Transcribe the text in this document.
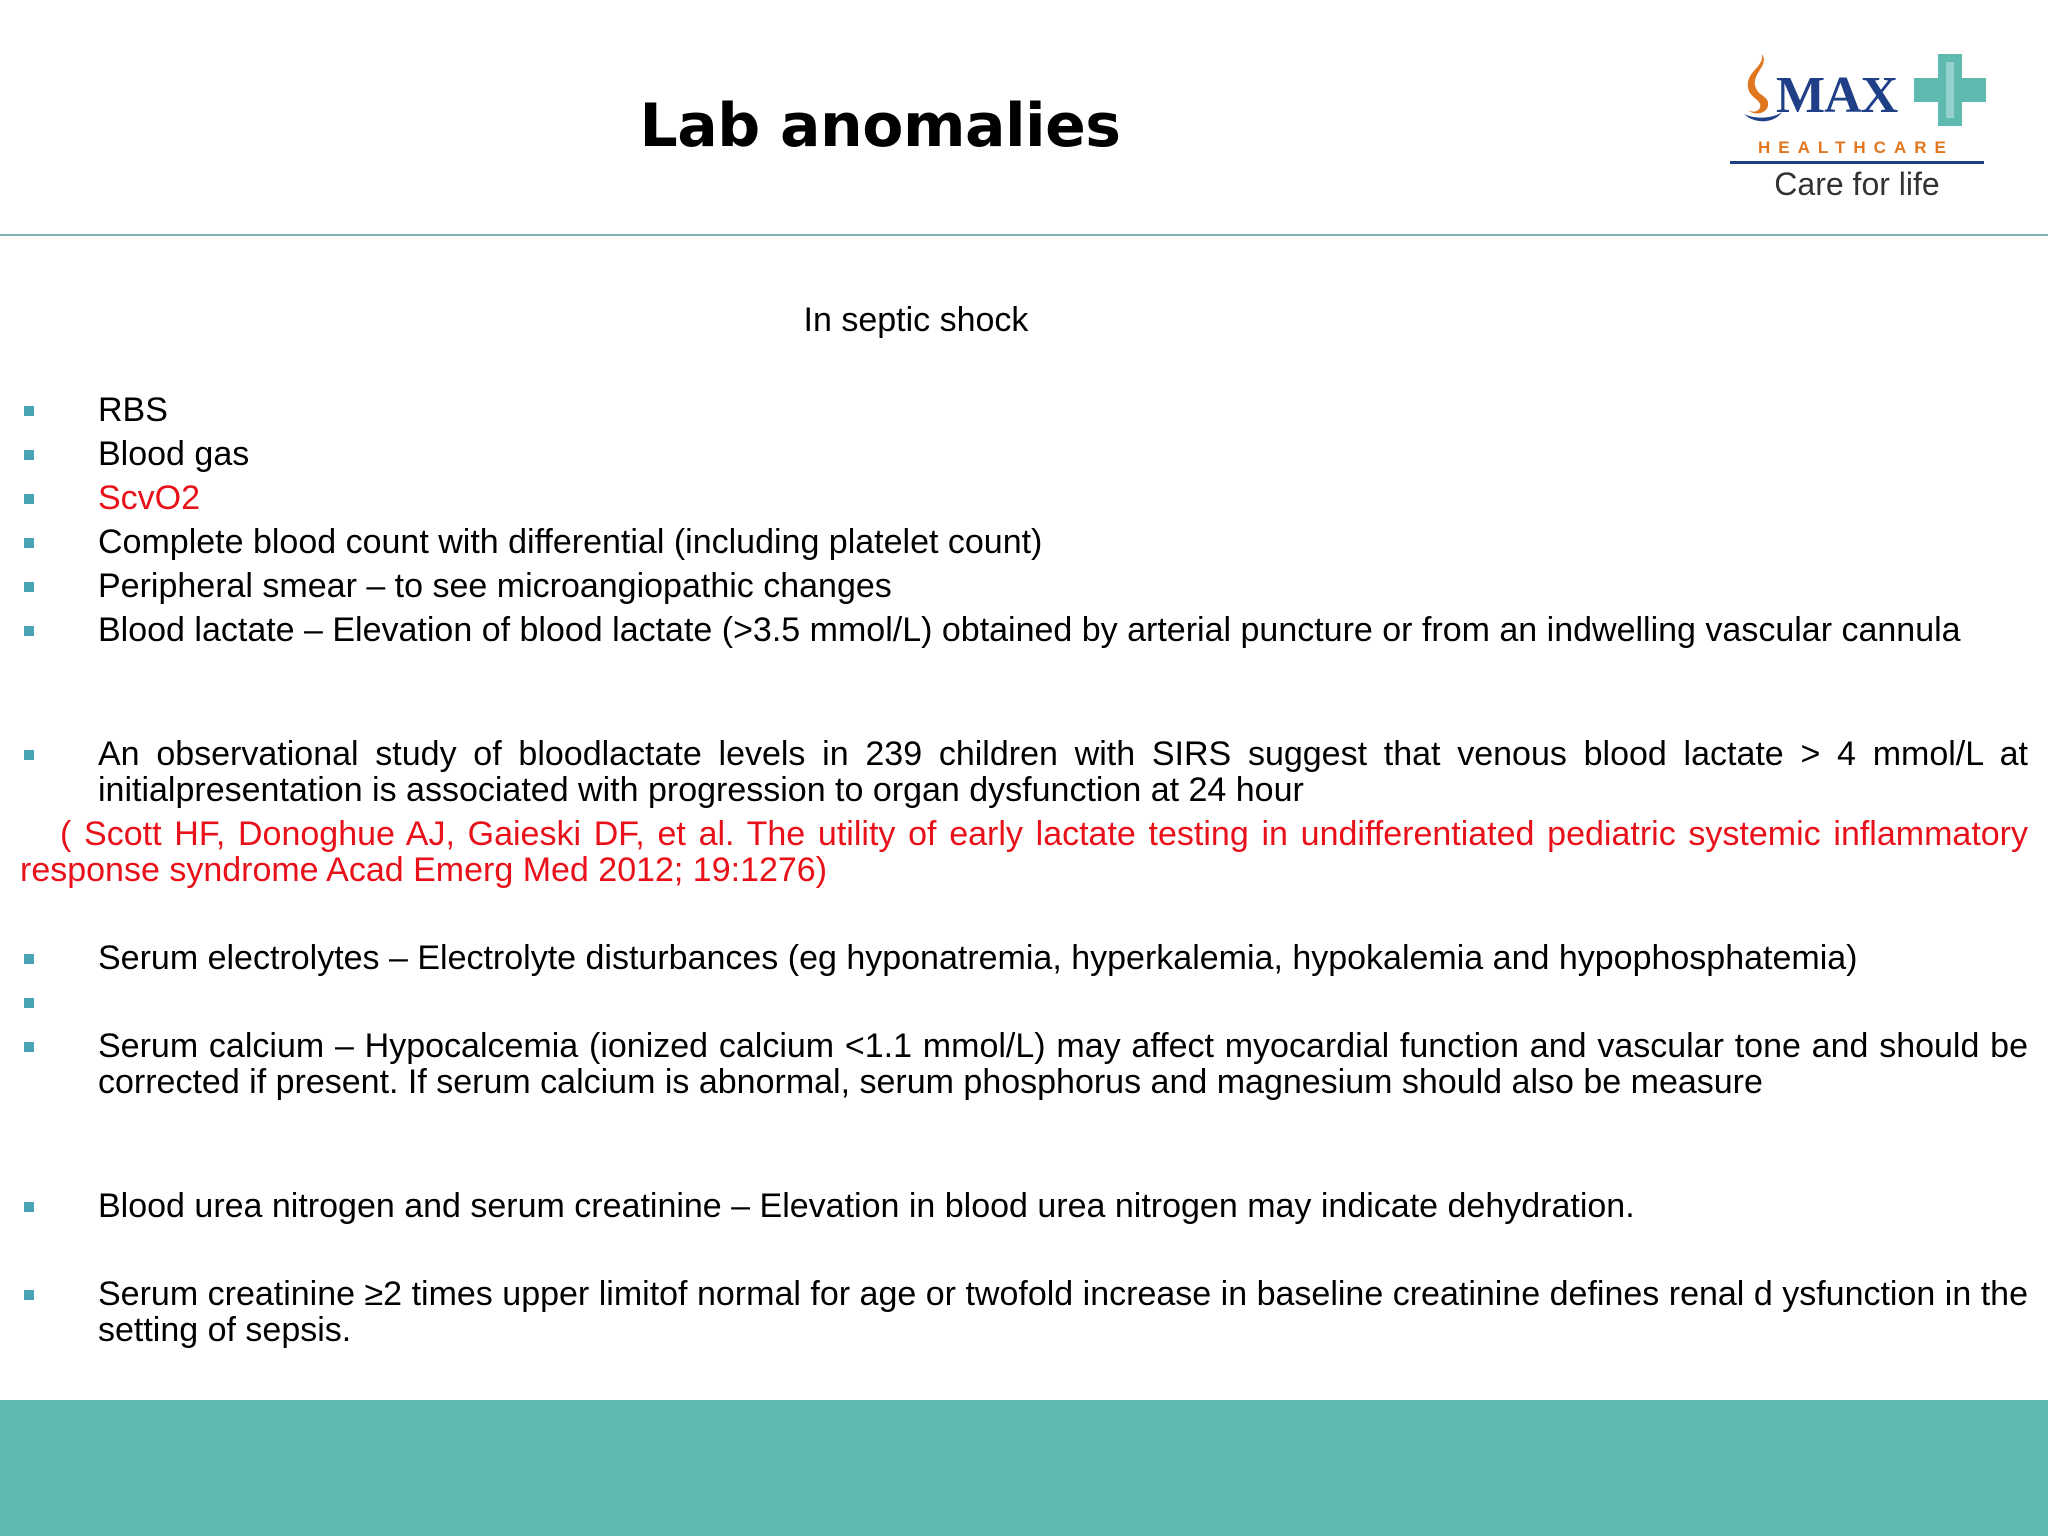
Lab anomalies	MAX
HEALTHCARE
Care for life
In septic shock
RBS
Blood gas
ScvO2
Complete blood count with differential (including platelet count)
Peripheral smear – to see microangiopathic changes
Blood lactate – Elevation of blood lactate (>3.5 mmol/L) obtained by arterial puncture or from an indwelling vascular cannula
An observational study of bloodlactate levels in 239 children with SIRS suggest that venous blood lactate > 4 mmol/L at initialpresentation is associated with progression to organ dysfunction at 24 hour
( Scott HF, Donoghue AJ, Gaieski DF, et al. The utility of early lactate testing in undifferentiated pediatric systemic inflammatory response syndrome Acad Emerg Med 2012; 19:1276)
Serum electrolytes – Electrolyte disturbances (eg hyponatremia, hyperkalemia, hypokalemia and hypophosphatemia)
Serum calcium – Hypocalcemia (ionized calcium <1.1 mmol/L) may affect myocardial function and vascular tone and should be corrected if present. If serum calcium is abnormal, serum phosphorus and magnesium should also be measure
Blood urea nitrogen and serum creatinine – Elevation in blood urea nitrogen may indicate dehydration.
Serum creatinine ≥2 times upper limitof normal for age or twofold increase in baseline creatinine defines renal d ysfunction in the setting of sepsis.
